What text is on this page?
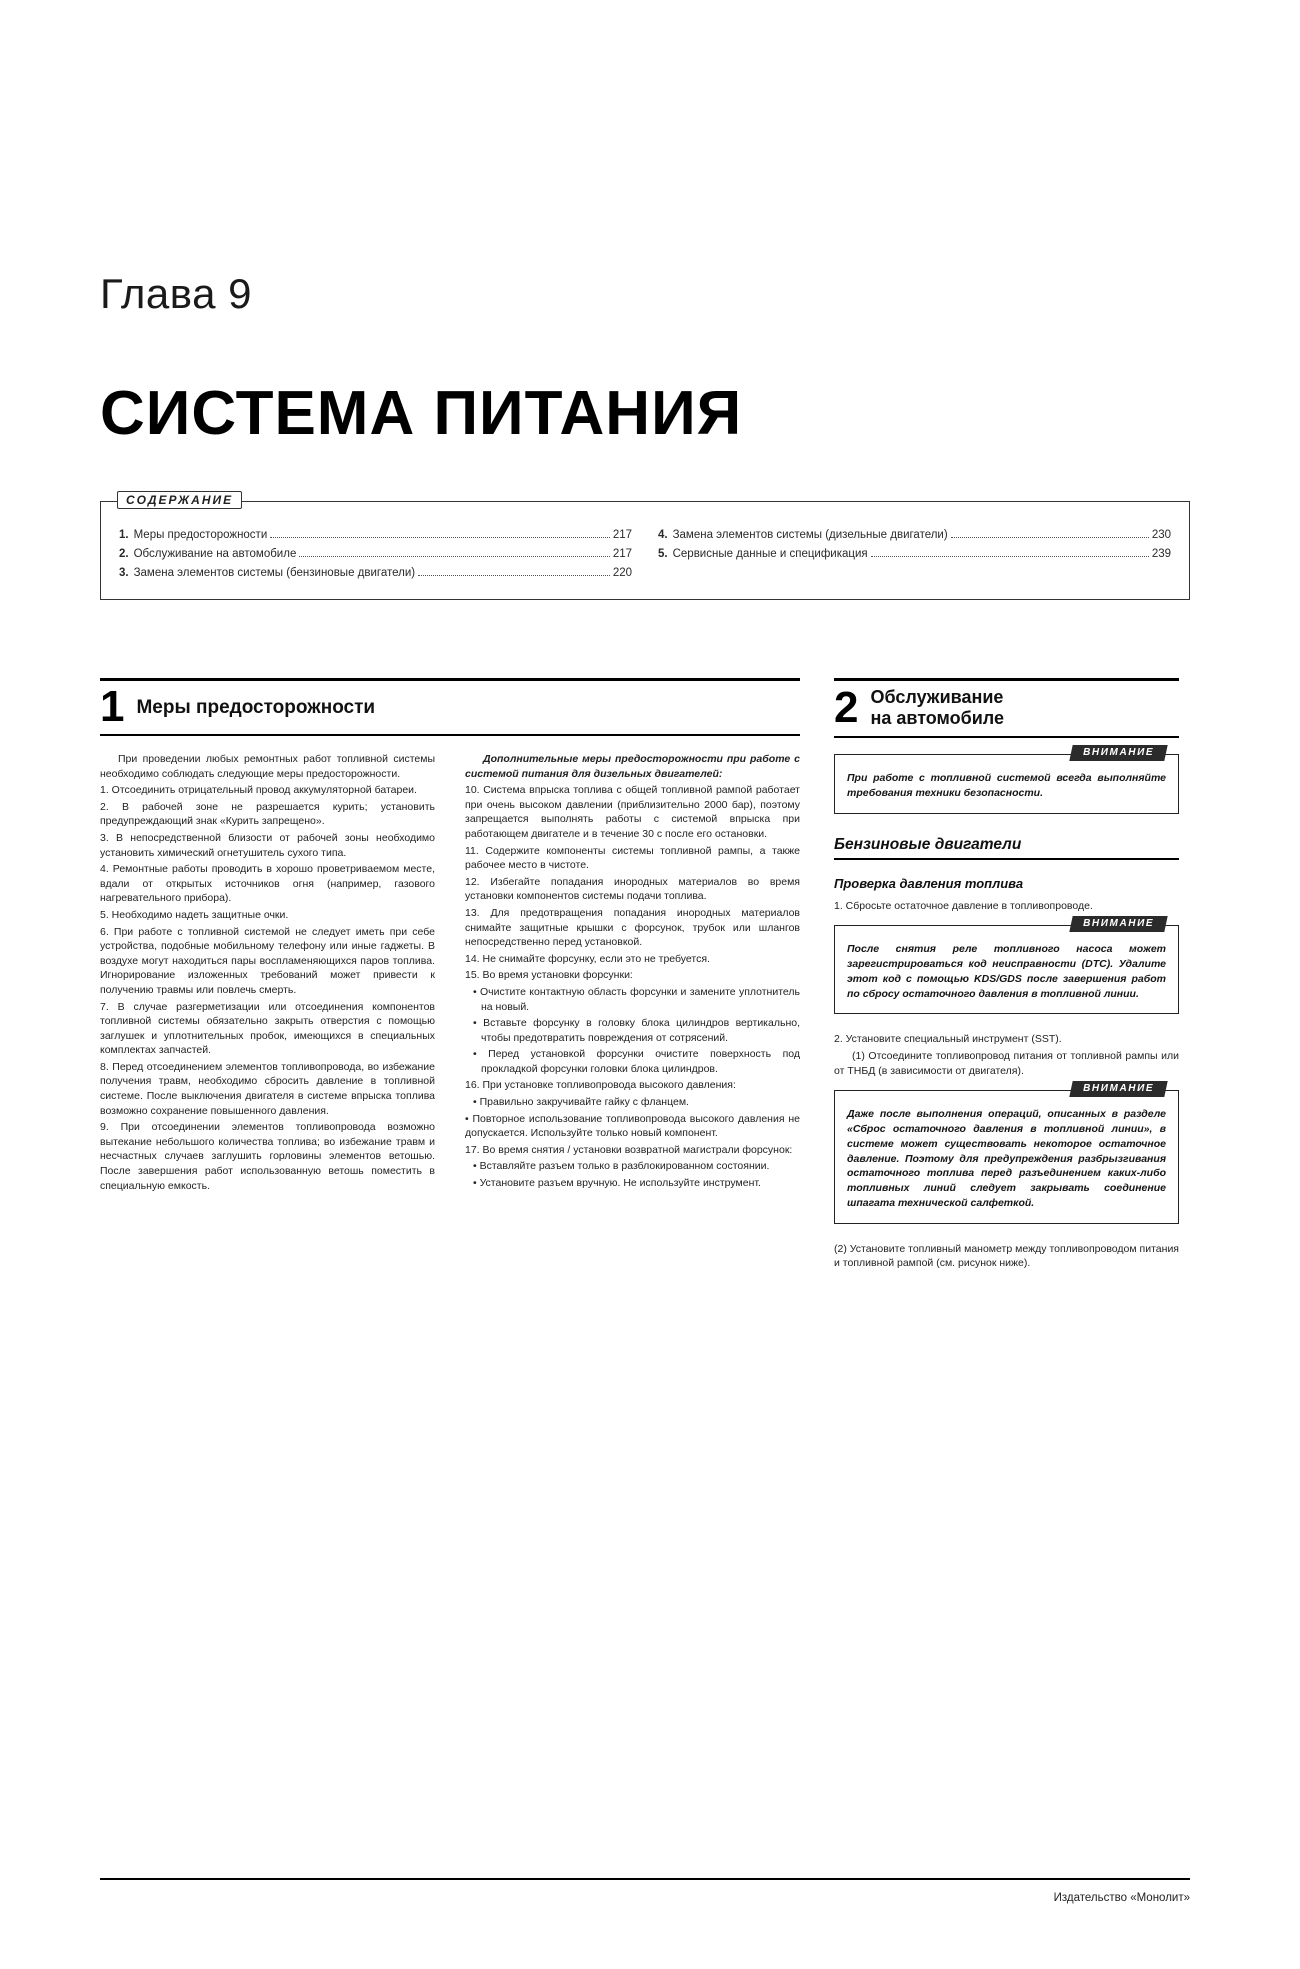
Глава 9
СИСТЕМА ПИТАНИЯ
СОДЕРЖАНИЕ
1. Меры предосторожности	217
2. Обслуживание на автомобиле	217
3. Замена элементов системы (бензиновые двигатели)	220
4. Замена элементов системы (дизельные двигатели)	230
5. Сервисные данные и спецификация	239
1 Меры предосторожности

При проведении любых ремонтных работ топливной системы необходимо соблюдать следующие меры предосторожности.

1. Отсоединить отрицательный провод аккумуляторной батареи.

2. В рабочей зоне не разрешается курить; установить предупреждающий знак «Курить запрещено».

3. В непосредственной близости от рабочей зоны необходимо установить химический огнетушитель сухого типа.

4. Ремонтные работы проводить в хорошо проветриваемом месте, вдали от открытых источников огня (например, газового нагревательного прибора).

5. Необходимо надеть защитные очки.

6. При работе с топливной системой не следует иметь при себе устройства, подобные мобильному телефону или иные гаджеты. В воздухе могут находиться пары воспламеняющихся паров топлива. Игнорирование изложенных требований может привести к получению травмы или повлечь смерть.

7. В случае разгерметизации или отсоединения компонентов топливной системы обязательно закрыть отверстия с помощью заглушек и уплотнительных пробок, имеющихся в специальных комплектах запчастей.

8. Перед отсоединением элементов топливопровода, во избежание получения травм, необходимо сбросить давление в топливной системе. После выключения двигателя в системе впрыска топлива возможно сохранение повышенного давления.

9. При отсоединении элементов топливопровода возможно вытекание небольшого количества топлива; во избежание травм и несчастных случаев заглушить горловины элементов ветошью. После завершения работ использованную ветошь поместить в специальную емкость.

Дополнительные меры предосторожности при работе с системой питания для дизельных двигателей:

10. Система впрыска топлива с общей топливной рампой работает при очень высоком давлении (приблизительно 2000 бар), поэтому запрещается выполнять работы с системой впрыска при работающем двигателе и в течение 30 с после его остановки.

11. Содержите компоненты системы топливной рампы, а также рабочее место в чистоте.

12. Избегайте попадания инородных материалов во время установки компонентов системы подачи топлива.

13. Для предотвращения попадания инородных материалов снимайте защитные крышки с форсунок, трубок или шлангов непосредственно перед установкой.

14. Не снимайте форсунку, если это не требуется.

15. Во время установки форсунки:

• Очистите контактную область форсунки и замените уплотнитель на новый.

• Вставьте форсунку в головку блока цилиндров вертикально, чтобы предотвратить повреждения от сотрясений.

• Перед установкой форсунки очистите поверхность под прокладкой форсунки головки блока цилиндров.

16. При установке топливопровода высокого давления:

• Правильно закручивайте гайку с фланцем.

• Повторное использование топливопровода высокого давления не допускается. Используйте только новый компонент.

17. Во время снятия / установки возвратной магистрали форсунок:

• Вставляйте разъем только в разблокированном состоянии.

• Установите разъем вручную. Не используйте инструмент.

2 Обслуживание
на автомобиле
ВНИМАНИЕ

При работе с топливной системой всегда выполняйте требования техники безопасности.

Бензиновые двигатели
Проверка давления топлива

1. Сбросьте остаточное давление в топливопроводе.

ВНИМАНИЕ

После снятия реле топливного насоса может зарегистрироваться код неисправности (DTC). Удалите этот код с помощью KDS/GDS после завершения работ по сбросу остаточного давления в топливной линии.

2. Установите специальный инструмент (SST).

(1) Отсоедините топливопровод питания от топливной рампы или от THБД (в зависимости от двигателя).

ВНИМАНИЕ

Даже после выполнения операций, описанных в разделе «Сброс остаточного давления в топливной линии», в системе может существовать некоторое остаточное давление. Поэтому для предупреждения разбрызгивания остаточного топлива перед разъединением каких-либо топливных линий следует закрывать соединение шпагата технической салфеткой.

(2) Установите топливный манометр между топливопроводом питания и топливной рампой (см. рисунок ниже).

Издательство «Монолит»
